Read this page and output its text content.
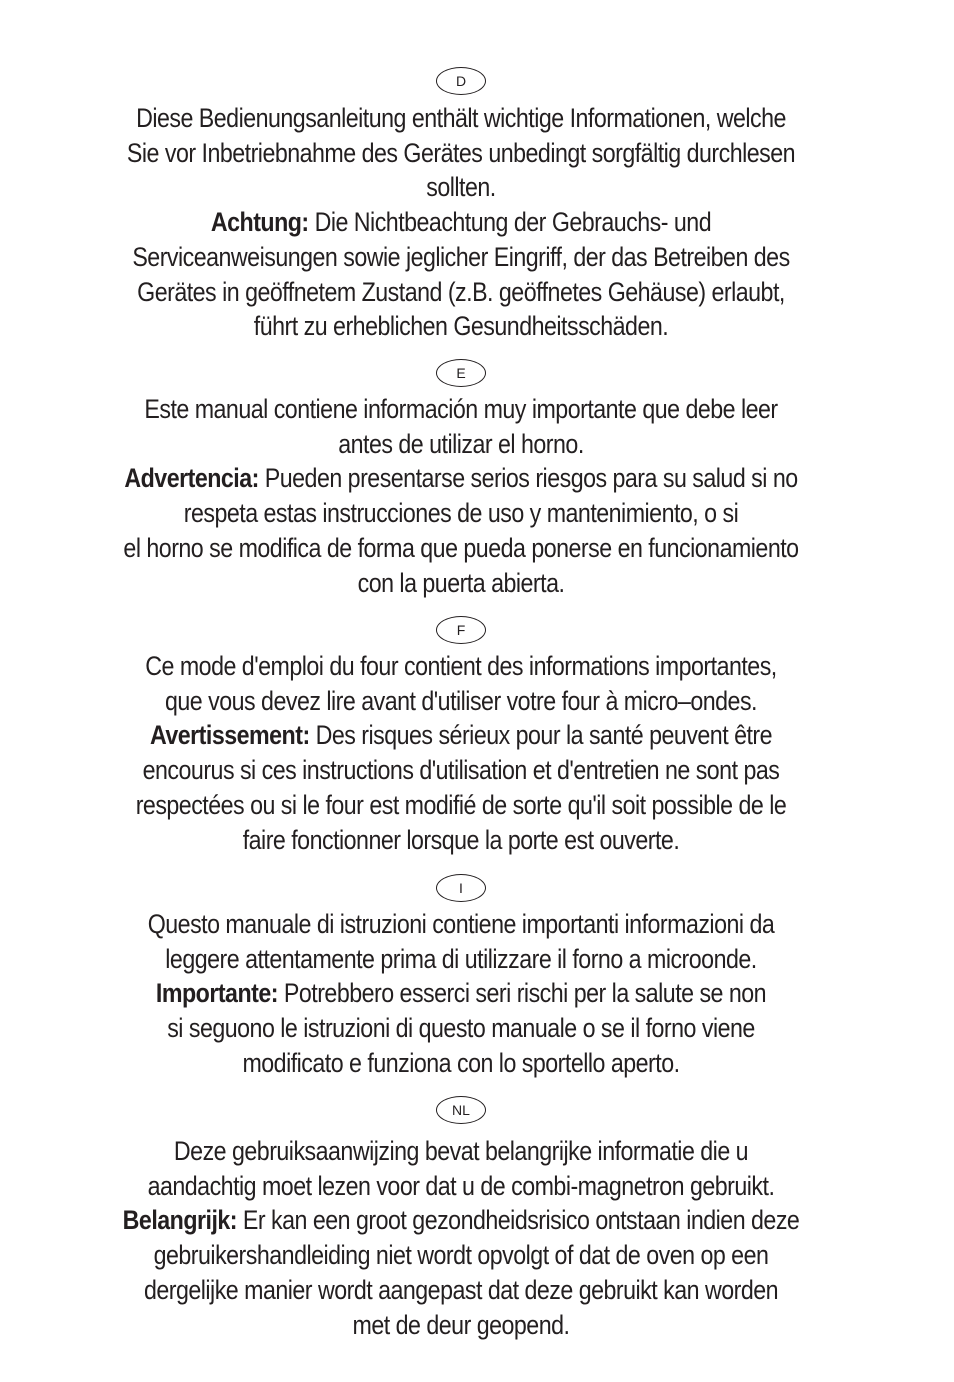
D

Diese Bedienungsanleitung enthält wichtige Informationen, welche
Sie vor Inbetriebnahme des Gerätes unbedingt sorgfältig durchlesen
sollten.
Achtung: Die Nichtbeachtung der Gebrauchs- und
Serviceanweisungen sowie jeglicher Eingriff, der das Betreiben des
Gerätes in geöffnetem Zustand (z.B. geöffnetes Gehäuse) erlaubt,
führt zu erheblichen Gesundheitsschäden.

E

Este manual contiene información muy importante que debe leer
antes de utilizar el horno.
Advertencia: Pueden presentarse serios riesgos para su salud si no
respeta estas instrucciones de uso y mantenimiento, o si
el horno se modifica de forma que pueda ponerse en funcionamiento
con la puerta abierta.

F

Ce mode d'emploi du four contient des informations importantes,
que vous devez lire avant d'utiliser votre four à micro–ondes.
Avertissement: Des risques sérieux pour la santé peuvent être
encourus si ces instructions d'utilisation et d'entretien ne sont pas
respectées ou si le four est modifié de sorte qu'il soit possible de le
faire fonctionner lorsque la porte est ouverte.

I

Questo manuale di istruzioni contiene importanti informazioni da
leggere attentamente prima di utilizzare il forno a microonde.
Importante: Potrebbero esserci seri rischi per la salute se non
si seguono le istruzioni di questo manuale o se il forno viene
modificato e funziona con lo sportello aperto.

NL

Deze gebruiksaanwijzing bevat belangrijke informatie die u
aandachtig moet lezen voor dat u de combi-magnetron gebruikt.
Belangrijk: Er kan een groot gezondheidsrisico ontstaan indien deze
gebruikershandleiding niet wordt opvolgt of dat de oven op een
dergelijke manier wordt aangepast dat deze gebruikt kan worden
met de deur geopend.
